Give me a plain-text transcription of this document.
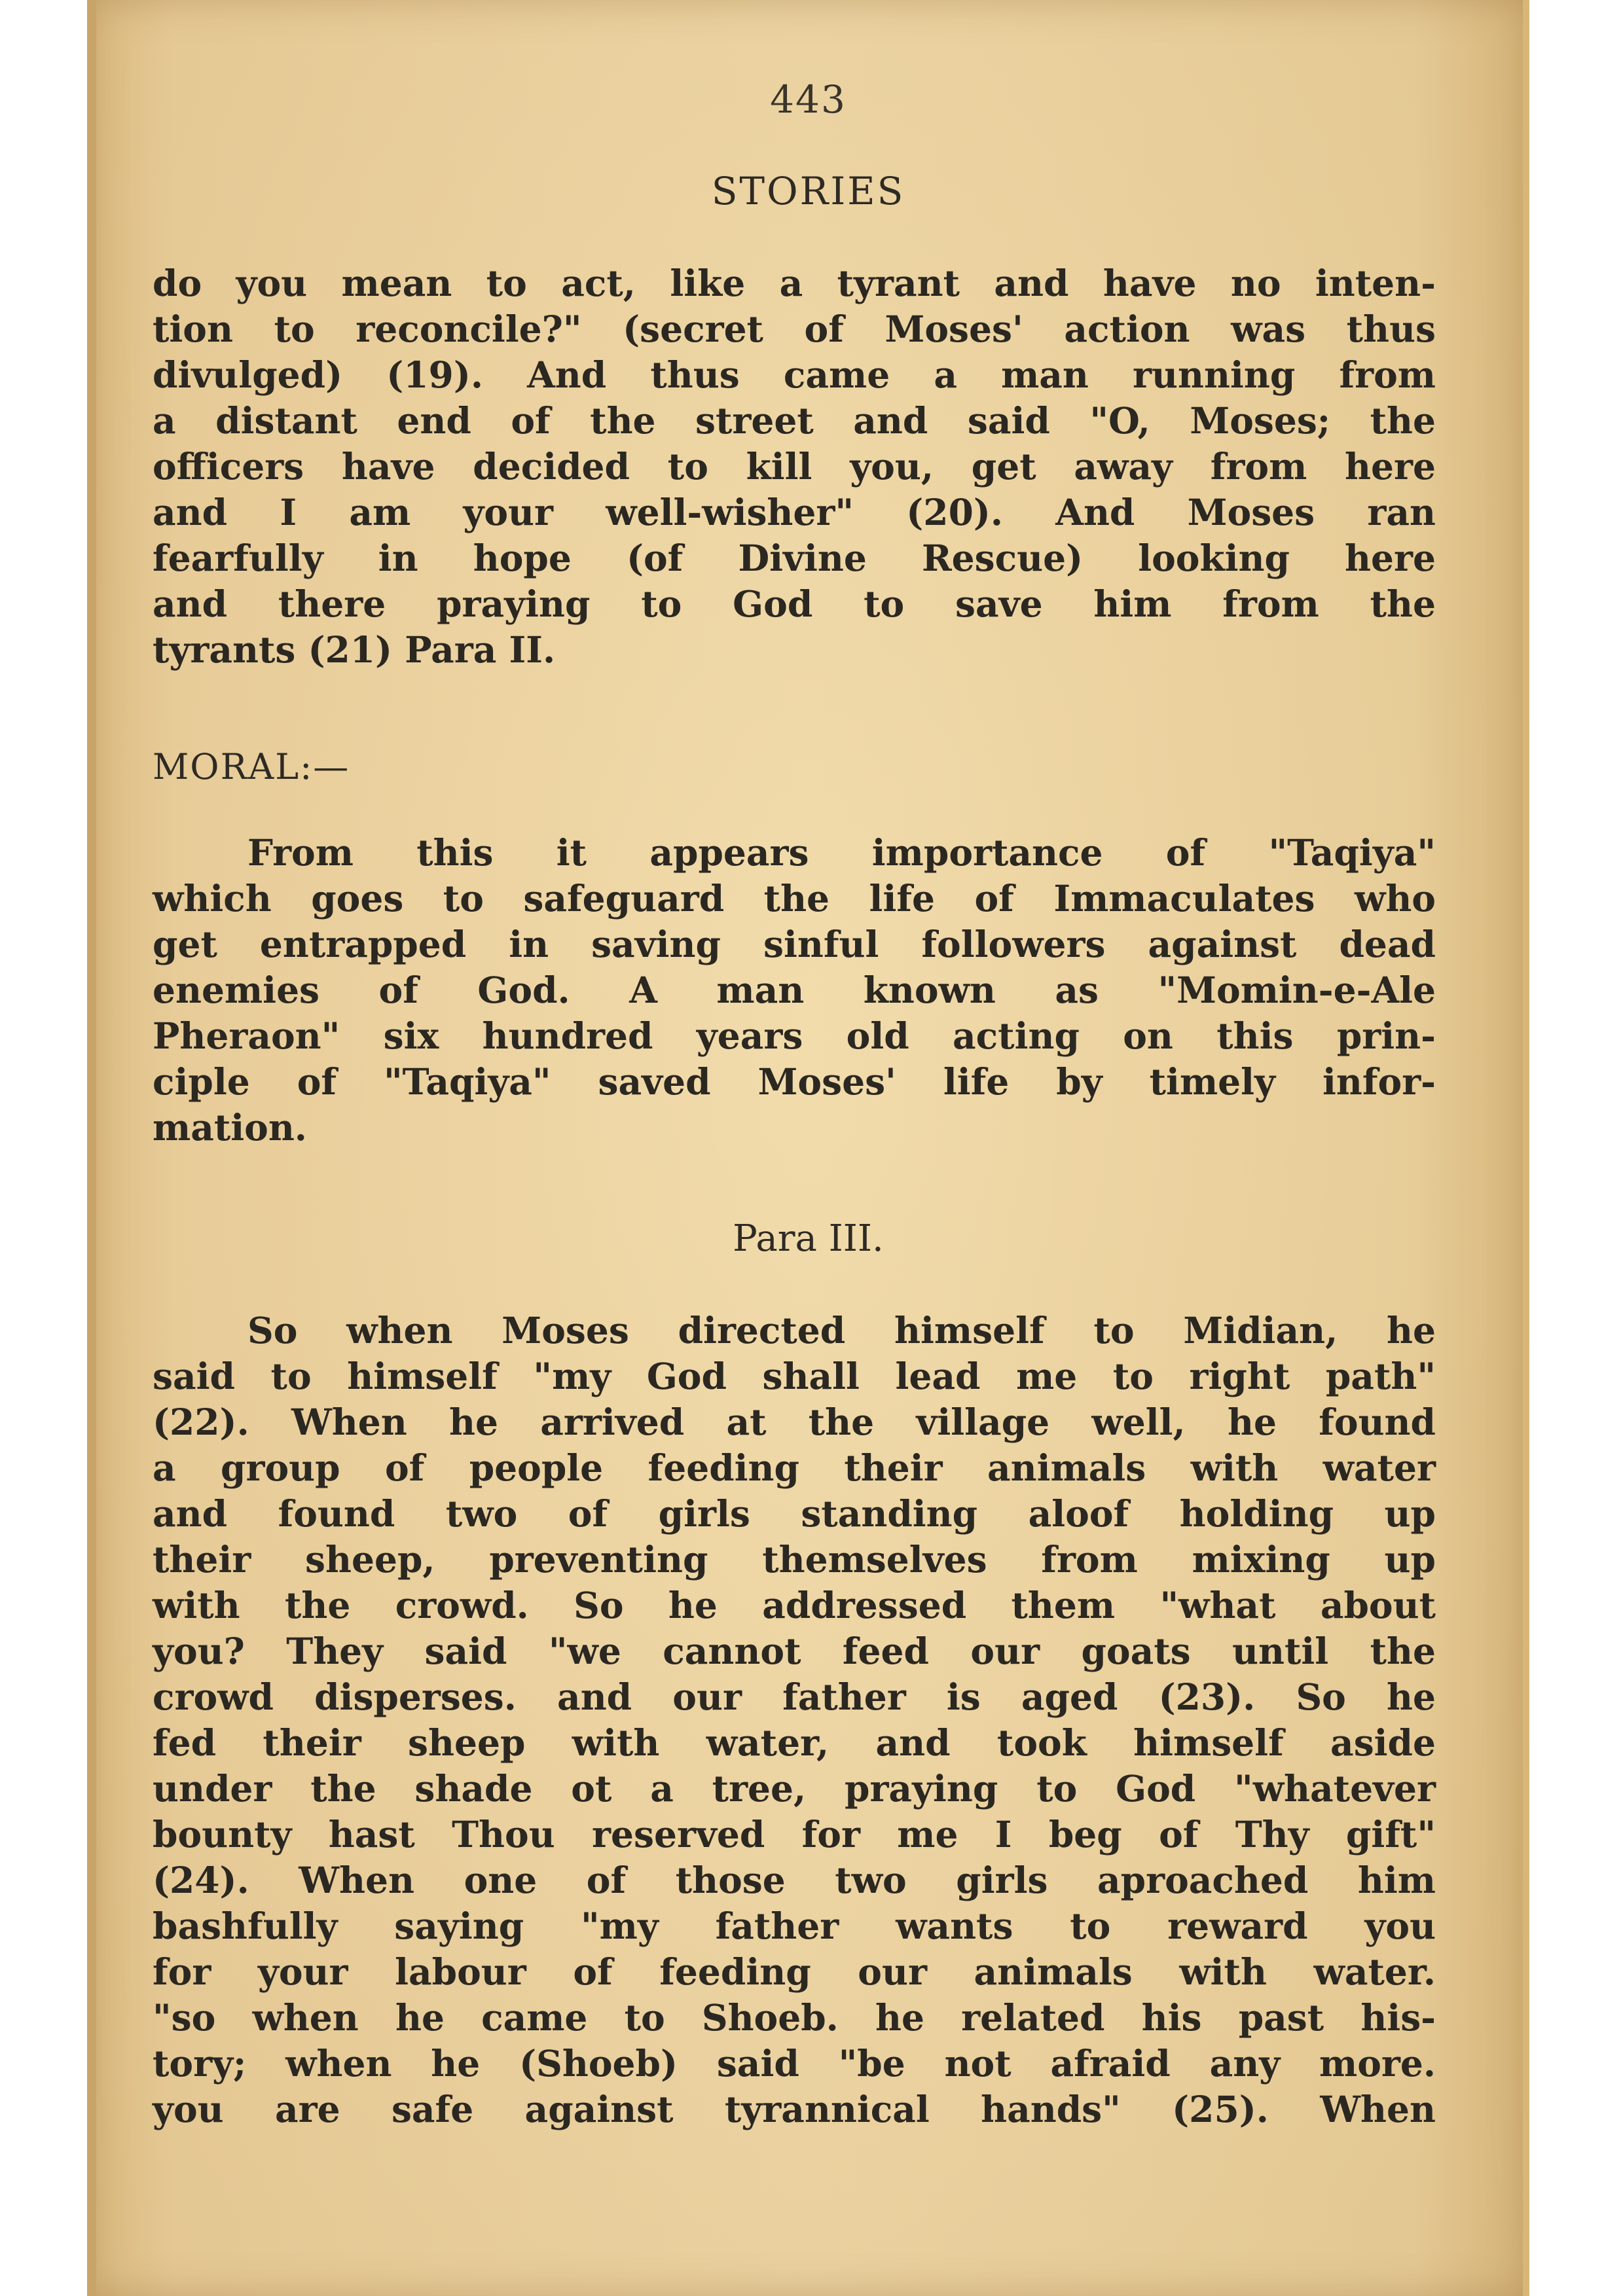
443
STORIES
do you mean to act, like a tyrant and have no inten-
tion to reconcile?" (secret of Moses' action was thus
divulged) (19). And thus came a man running from
a distant end of the street and said "O, Moses; the
officers have decided to kill you, get away from here
and I am your well-wisher" (20). And Moses ran
fearfully in hope (of Divine Rescue) looking here
and there praying to God to save him from the
tyrants (21) Para II.
MORAL:—
From this it appears importance of "Taqiya"
which goes to safeguard the life of Immaculates who
get entrapped in saving sinful followers against dead
enemies of God. A man known as "Momin-e-Ale
Pheraon" six hundred years old acting on this prin-
ciple of "Taqiya" saved Moses' life by timely infor-
mation.
Para III.
So when Moses directed himself to Midian, he
said to himself "my God shall lead me to right path"
(22). When he arrived at the village well, he found
a group of people feeding their animals with water
and found two of girls standing aloof holding up
their sheep, preventing themselves from mixing up
with the crowd. So he addressed them "what about
you? They said "we cannot feed our goats until the
crowd disperses. and our father is aged (23). So he
fed their sheep with water, and took himself aside
under the shade ot a tree, praying to God "whatever
bounty hast Thou reserved for me I beg of Thy gift"
(24). When one of those two girls aproached him
bashfully saying "my father wants to reward you
for your labour of feeding our animals with water.
"so when he came to Shoeb. he related his past his-
tory; when he (Shoeb) said "be not afraid any more.
you are safe against tyrannical hands" (25). When
